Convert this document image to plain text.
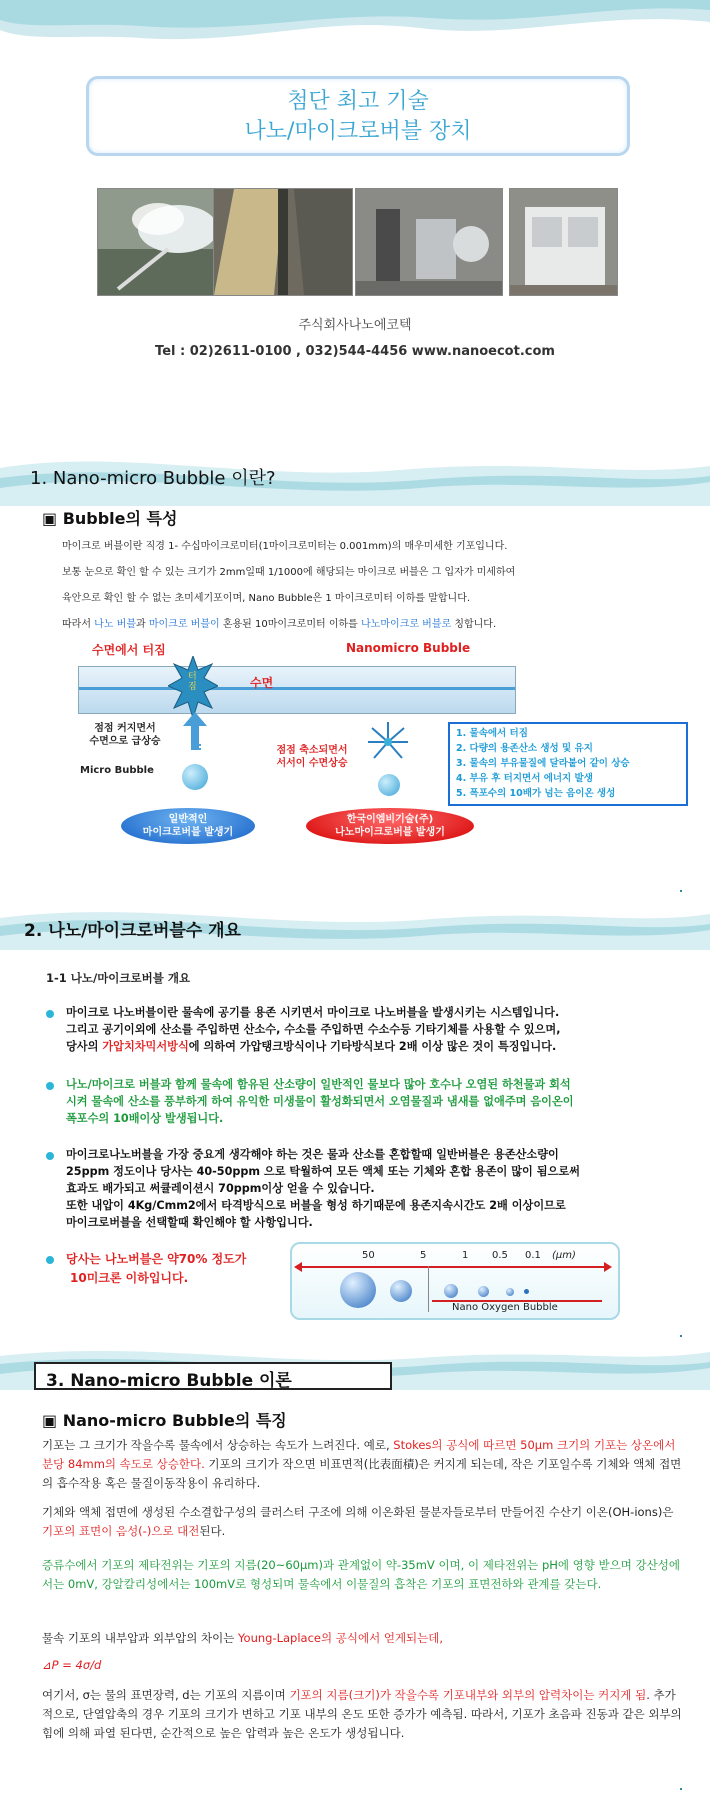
첨단 최고 기술
나노/마이크로버블 장치
주식회사나노에코텍
Tel : 02)2611-0100 , 032)544-4456 www.nanoecot.com
1. Nano-micro Bubble 이란?
▣ Bubble의 특성
마이크로 버블이란 직경 1- 수십마이크로미터(1마이크로미터는 0.001mm)의 매우미세한 기포입니다.
보통 눈으로 확인 할 수 있는 크기가 2mm일때 1/1000에 해당되는 마이크로 버블은 그 입자가 미세하여
육안으로 확인 할 수 없는 초미세기포이며, Nano Bubble은 1 마이크로미터 이하를 말합니다.
따라서 나노 버블과 마이크로 버블이 혼용된 10마이크로미터 이하를 나노마이크로 버블로 칭합니다.
수면에서 터짐	Nanomicro Bubble
터짐	수면
점점 커지면서
수면으로 급상승
Micro Bubble
점점 축소되면서
서서이 수면상승
1. 물속에서 터짐
2. 다량의 용존산소 생성 및 유지
3. 물속의 부유물질에 달라붙어 같이 상승
4. 부유 후 터지면서 에너지 발생
5. 폭포수의 10배가 넘는 음이온 생성
일반적인
마이크로버블 발생기
한국이엠비기술(주)
나노마이크로버블 발생기
2. 나노/마이크로버블수 개요
1-1 나노/마이크로버블 개요
마이크로 나노버블이란 물속에 공기를 용존 시키면서 마이크로 나노버블을 발생시키는 시스템입니다.
그리고 공기이외에 산소를 주입하면 산소수, 수소를 주입하면 수소수등 기타기체를 사용할 수 있으며,
당사의 가압치차믹서방식에 의하여 가압탱크방식이나 기타방식보다 2배 이상 많은 것이 특징입니다.
나노/마이크로 버블과 함께 물속에 함유된 산소량이 일반적인 물보다 많아 호수나 오염된 하천물과 회석
시켜 물속에 산소를 풍부하게 하여 유익한 미생물이 활성화되면서 오염물질과 냄새를 없애주며 음이온이
폭포수의 10배이상 발생됩니다.
마이크로나노버블을 가장 중요게 생각해야 하는 것은 물과 산소를 혼합할때 일반버블은 용존산소량이
25ppm 정도이나 당사는 40-50ppm 으로 탁월하여 모든 액체 또는 기체와 혼합 용존이 많이 됨으로써
효과도 배가되고 써큘레이션시 70ppm이상 얻을 수 있습니다.
또한 내압이 4Kg/Cmm2에서 타격방식으로 버블을 형성 하기때문에 용존지속시간도 2배 이상이므로
마이크로버블을 선택할때 확인해야 할 사항입니다.
당사는 나노버블은 약70% 정도가
10미크론 이하입니다.
50	5	1 0.5 0.1 (μm)
Nano Oxygen Bubble
3. Nano-micro Bubble 이론
▣ Nano-micro Bubble의 특징
기포는 그 크기가 작을수록 물속에서 상승하는 속도가 느려진다. 예로, Stokes의 공식에 따르면 50μm 크기의 기포는 상온에서 분당 84mm의 속도로 상승한다. 기포의 크기가 작으면 비표면적(比表面積)은 커지게 되는데, 작은 기포일수록 기체와 액체 접면의 흡수작용 혹은 물질이동작용이 유리하다.
기체와 액체 접면에 생성된 수소결합구성의 클러스터 구조에 의해 이온화된 물분자들로부터 만들어진 수산기 이온(OH-ions)은 기포의 표면이 음성(-)으로 대전된다.
증류수에서 기포의 제타전위는 기포의 지름(20~60μm)과 관계없이 약-35mV 이며, 이 제타전위는 pH에 영향 받으며 강산성에서는 0mV, 강알칼리성에서는 100mV로 형성되며 물속에서 이물질의 흡착은 기포의 표면전하와 관계를 갖는다.
물속 기포의 내부압과 외부압의 차이는 Young-Laplace의 공식에서 얻게되는데,
⊿P = 4σ/d
여기서, σ는 물의 표면장력, d는 기포의 지름이며 기포의 지름(크기)가 작을수록 기포내부와 외부의 압력차이는 커지게 됨. 추가적으로, 단열압축의 경우 기포의 크기가 변하고 기포 내부의 온도 또한 증가가 예측됨. 따라서, 기포가 초음파 진동과 같은 외부의 힘에 의해 파열 된다면, 순간적으로 높은 압력과 높은 온도가 생성됩니다.
